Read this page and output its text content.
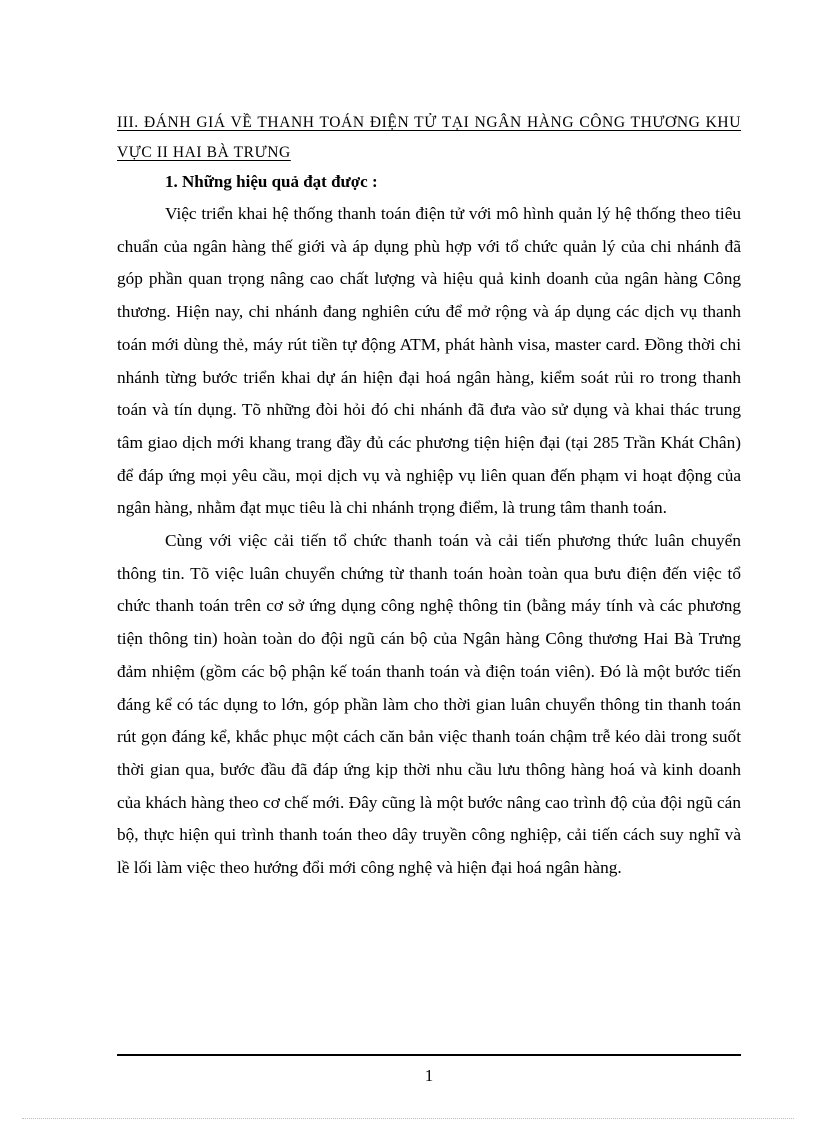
III. ĐÁNH GIÁ VỀ THANH TOÁN ĐIỆN TỬ TẠI NGÂN HÀNG CÔNG THƯƠNG KHU VỰC II HAI BÀ TRƯNG
1. Những hiệu quả đạt được :

Việc triển khai hệ thống thanh toán điện tử với mô hình quản lý hệ thống theo tiêu chuẩn của ngân hàng thế giới và áp dụng phù hợp với tổ chức quản lý của chi nhánh đã góp phần quan trọng nâng cao chất lượng và hiệu quả kinh doanh của ngân hàng Công thương. Hiện nay, chi nhánh đang nghiên cứu để mở rộng và áp dụng các dịch vụ thanh toán mới dùng thẻ, máy rút tiền tự động ATM, phát hành visa, master card. Đồng thời chi nhánh từng bước triển khai dự án hiện đại hoá ngân hàng, kiểm soát rủi ro trong thanh toán và tín dụng. Tõ những đòi hỏi đó chi nhánh đã đưa vào sử dụng và khai thác trung tâm giao dịch mới khang trang đầy đủ các phương tiện hiện đại (tại 285 Trần Khát Chân) để đáp ứng mọi yêu cầu, mọi dịch vụ và nghiệp vụ liên quan đến phạm vi hoạt động của ngân hàng, nhằm đạt mục tiêu là chi nhánh trọng điểm, là trung tâm thanh toán.

Cùng với việc cải tiến tổ chức thanh toán và cải tiến phương thức luân chuyển thông tin. Tõ việc luân chuyển chứng từ thanh toán hoàn toàn qua bưu điện đến việc tổ chức thanh toán trên cơ sở ứng dụng công nghệ thông tin (bằng máy tính và các phương tiện thông tin) hoàn toàn do đội ngũ cán bộ của Ngân hàng Công thương Hai Bà Trưng đảm nhiệm (gồm các bộ phận kế toán thanh toán và điện toán viên). Đó là một bước tiến đáng kể có tác dụng to lớn, góp phần làm cho thời gian luân chuyển thông tin thanh toán rút gọn đáng kể, khắc phục một cách căn bản việc thanh toán chậm trễ kéo dài trong suốt thời gian qua, bước đầu đã đáp ứng kịp thời nhu cầu lưu thông hàng hoá và kinh doanh của khách hàng theo cơ chế mới. Đây cũng là một bước nâng cao trình độ của đội ngũ cán bộ, thực hiện qui trình thanh toán theo dây truyền công nghiệp, cải tiến cách suy nghĩ và lề lối làm việc theo hướng đổi mới công nghệ và hiện đại hoá ngân hàng.

1
